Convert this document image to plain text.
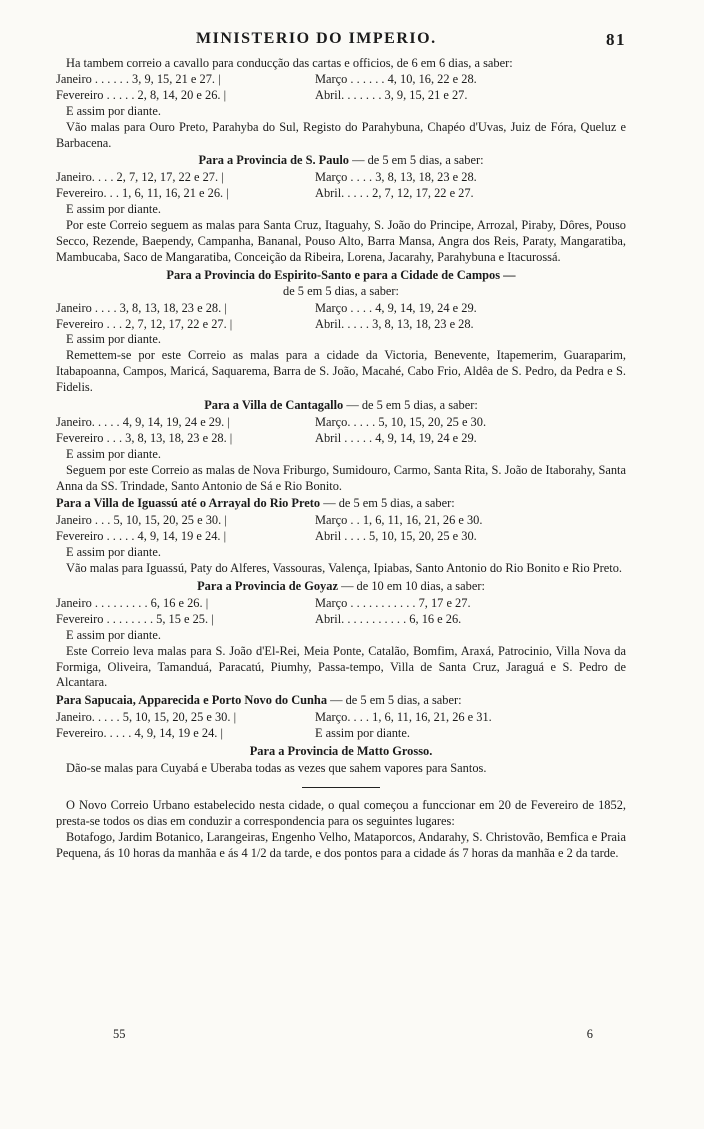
MINISTERIO DO IMPERIO.	81

Ha tambem correio a cavallo para conducção das cartas e officios, de 6 em 6 dias, a saber:

Janeiro . . . . . . 3, 9, 15, 21 e 27. |	Março . . . . . . 4, 10, 16, 22 e 28.
Fevereiro . . . . . 2, 8, 14, 20 e 26. |	Abril. . . . . . . 3, 9, 15, 21 e 27.

E assim por diante.

Vão malas para Ouro Preto, Parahyba do Sul, Registo do Parahybuna, Chapéo d'Uvas, Juiz de Fóra, Queluz e Barbacena.

Para a Provincia de S. Paulo — de 5 em 5 dias, a saber:
Janeiro. . . . 2, 7, 12, 17, 22 e 27. |	Março . . . . 3, 8, 13, 18, 23 e 28.
Fevereiro. . . 1, 6, 11, 16, 21 e 26. |	Abril. . . . . 2, 7, 12, 17, 22 e 27.

E assim por diante.

Por este Correio seguem as malas para Santa Cruz, Itaguahy, S. João do Principe, Arrozal, Piraby, Dôres, Pouso Secco, Rezende, Baependy, Campanha, Bananal, Pouso Alto, Barra Mansa, Angra dos Reis, Paraty, Mangaratiba, Mambucaba, Saco de Mangaratiba, Conceição da Ribeira, Lorena, Jacarahy, Parahybuna e Itacurossá.

Para a Provincia do Espirito-Santo e para a Cidade de Campos —
de 5 em 5 dias, a saber:
Janeiro . . . . 3, 8, 13, 18, 23 e 28. |	Março . . . . 4, 9, 14, 19, 24 e 29.
Fevereiro . . . 2, 7, 12, 17, 22 e 27. |	Abril. . . . . 3, 8, 13, 18, 23 e 28.

E assim por diante.

Remettem-se por este Correio as malas para a cidade da Victoria, Benevente, Itapemerim, Guaraparim, Itabapoanna, Campos, Maricá, Saquarema, Barra de S. João, Macahé, Cabo Frio, Aldêa de S. Pedro, da Pedra e S. Fidelis.

Para a Villa de Cantagallo — de 5 em 5 dias, a saber:
Janeiro. . . . . 4, 9, 14, 19, 24 e 29. |	Março. . . . . 5, 10, 15, 20, 25 e 30.
Fevereiro . . . 3, 8, 13, 18, 23 e 28. |	Abril . . . . . 4, 9, 14, 19, 24 e 29.

E assim por diante.

Seguem por este Correio as malas de Nova Friburgo, Sumidouro, Carmo, Santa Rita, S. João de Itaborahy, Santa Anna da SS. Trindade, Santo Antonio de Sá e Rio Bonito.

Para a Villa de Iguassú até o Arrayal do Rio Preto — de 5 em 5 dias, a saber:
Janeiro . . . 5, 10, 15, 20, 25 e 30. |	Março . . 1, 6, 11, 16, 21, 26 e 30.
Fevereiro . . . . . 4, 9, 14, 19 e 24. |	Abril . . . . 5, 10, 15, 20, 25 e 30.

E assim por diante.

Vão malas para Iguassú, Paty do Alferes, Vassouras, Valença, Ipiabas, Santo Antonio do Rio Bonito e Rio Preto.

Para a Provincia de Goyaz — de 10 em 10 dias, a saber:
Janeiro . . . . . . . . . 6, 16 e 26. |	Março . . . . . . . . . . . 7, 17 e 27.
Fevereiro . . . . . . . . 5, 15 e 25. |	Abril. . . . . . . . . . . 6, 16 e 26.

E assim por diante.

Este Correio leva malas para S. João d'El-Rei, Meia Ponte, Catalão, Bomfim, Araxá, Patrocinio, Villa Nova da Formiga, Oliveira, Tamanduá, Paracatú, Piumhy, Passa-tempo, Villa de Santa Cruz, Jaraguá e S. Pedro de Alcantara.

Para Sapucaia, Apparecida e Porto Novo do Cunha — de 5 em 5 dias, a saber:
Janeiro. . . . . 5, 10, 15, 20, 25 e 30. |	Março. . . . 1, 6, 11, 16, 21, 26 e 31.
Fevereiro. . . . . 4, 9, 14, 19 e 24. |	E assim por diante.
Para a Provincia de Matto Grosso.

Dão-se malas para Cuyabá e Uberaba todas as vezes que sahem vapores para Santos.

O Novo Correio Urbano estabelecido nesta cidade, o qual começou a funccionar em 20 de Fevereiro de 1852, presta-se todos os dias em conduzir a correspondencia para os seguintes lugares:

Botafogo, Jardim Botanico, Larangeiras, Engenho Velho, Mataporcos, Andarahy, S. Christovão, Bemfica e Praia Pequena, ás 10 horas da manhãa e ás 4 1/2 da tarde, e dos pontos para a cidade ás 7 horas da manhãa e 2 da tarde.

55	6
